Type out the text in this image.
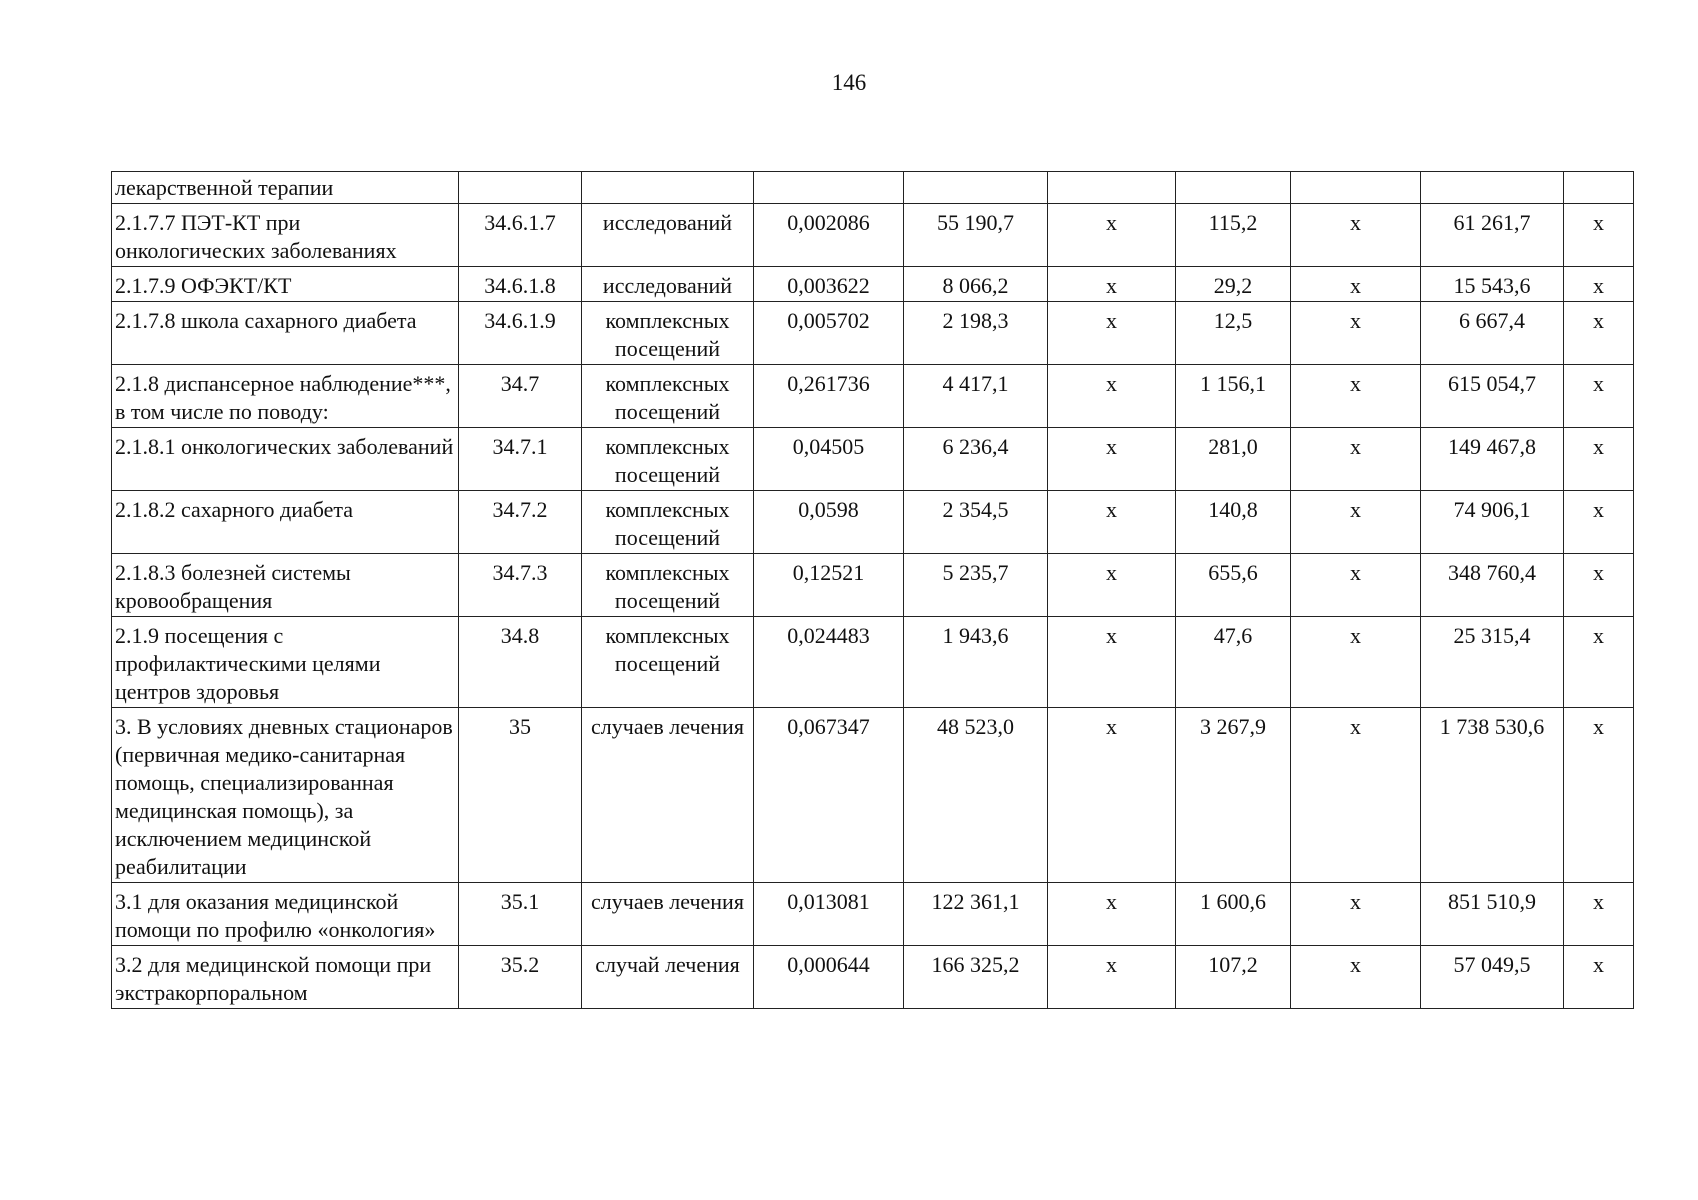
146
лекарственной терапии									
2.1.7.7 ПЭТ-КТ при онкологических заболеваниях	34.6.1.7	исследований	0,002086	55 190,7	х	115,2	х	61 261,7	х
2.1.7.9 ОФЭКТ/КТ	34.6.1.8	исследований	0,003622	8 066,2	х	29,2	х	15 543,6	х
2.1.7.8 школа сахарного диабета	34.6.1.9	комплексных посещений	0,005702	2 198,3	х	12,5	х	6 667,4	х
2.1.8 диспансерное наблюдение***, в том числе по поводу:	34.7	комплексных посещений	0,261736	4 417,1	х	1 156,1	х	615 054,7	х
2.1.8.1 онкологических заболеваний	34.7.1	комплексных посещений	0,04505	6 236,4	х	281,0	х	149 467,8	х
2.1.8.2 сахарного диабета	34.7.2	комплексных посещений	0,0598	2 354,5	х	140,8	х	74 906,1	х
2.1.8.3 болезней системы кровообращения	34.7.3	комплексных посещений	0,12521	5 235,7	х	655,6	х	348 760,4	х
2.1.9 посещения с профилактическими целями центров здоровья	34.8	комплексных посещений	0,024483	1 943,6	х	47,6	х	25 315,4	х
3. В условиях дневных стационаров (первичная медико-санитарная помощь, специализированная медицинская помощь), за исключением медицинской реабилитации	35	случаев лечения	0,067347	48 523,0	х	3 267,9	х	1 738 530,6	х
3.1 для оказания медицинской помощи по профилю «онкология»	35.1	случаев лечения	0,013081	122 361,1	х	1 600,6	х	851 510,9	х
3.2 для медицинской помощи при экстракорпоральном	35.2	случай лечения	0,000644	166 325,2	х	107,2	х	57 049,5	х
